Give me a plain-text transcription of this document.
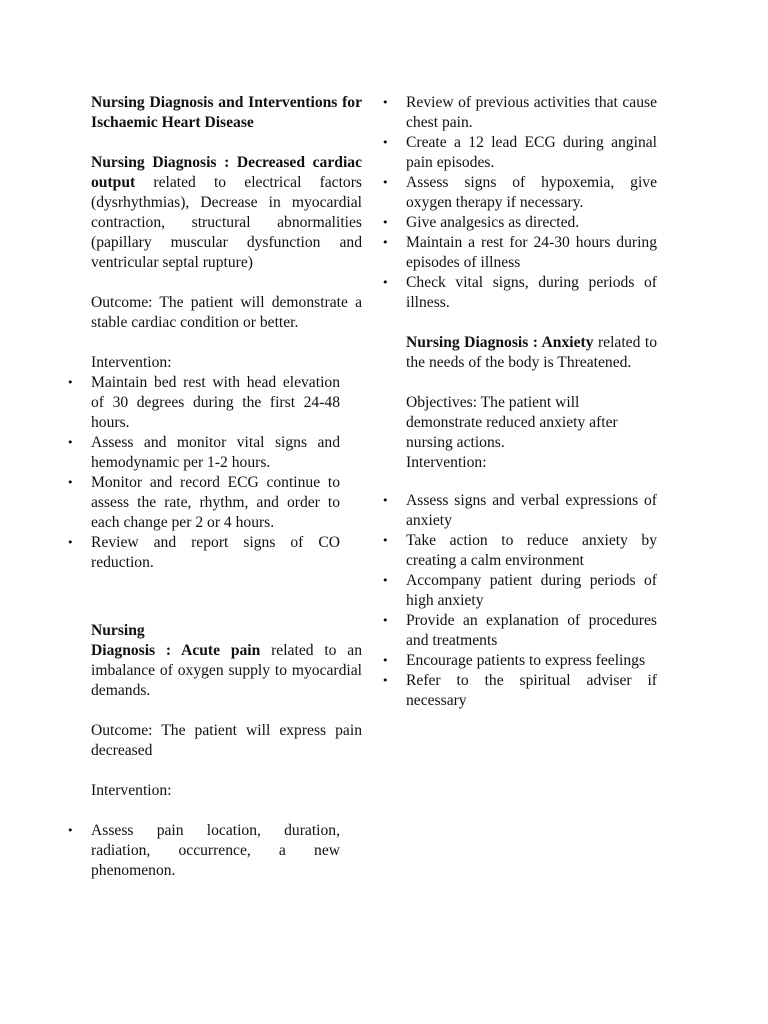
Nursing Diagnosis and Interventions for Ischaemic Heart Disease

Nursing Diagnosis : Decreased cardiac output related to electrical factors (dysrhythmias), Decrease in myocardial contraction, structural abnormalities (papillary muscular dysfunction and ventricular septal rupture)

Outcome: The patient will demonstrate a stable cardiac condition or better.

Intervention:

• Maintain bed rest with head elevation of 30 degrees during the first 24-48 hours.
• Assess and monitor vital signs and hemodynamic per 1-2 hours.
• Monitor and record ECG continue to assess the rate, rhythm, and order to each change per 2 or 4 hours.
• Review and report signs of CO reduction.

Nursing
Diagnosis : Acute pain related to an imbalance of oxygen supply to myocardial demands.

Outcome: The patient will express pain decreased

Intervention:

• Assess pain location, duration, radiation, occurrence, a new phenomenon.
• Review of previous activities that cause chest pain.
• Create a 12 lead ECG during anginal pain episodes.
• Assess signs of hypoxemia, give oxygen therapy if necessary.
• Give analgesics as directed.
• Maintain a rest for 24-30 hours during episodes of illness
• Check vital signs, during periods of illness.

Nursing Diagnosis : Anxiety related to the needs of the body is Threatened.

Objectives: The patient will demonstrate reduced anxiety after nursing actions.

Intervention:

• Assess signs and verbal expressions of anxiety
• Take action to reduce anxiety by creating a calm environment
• Accompany patient during periods of high anxiety
• Provide an explanation of procedures and treatments
• Encourage patients to express feelings
• Refer to the spiritual adviser if necessary
